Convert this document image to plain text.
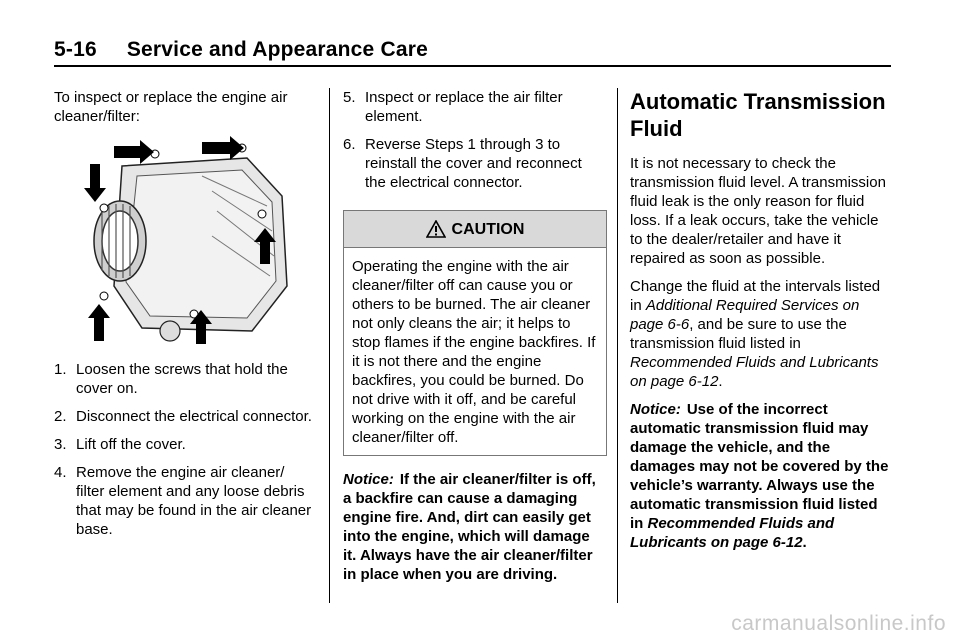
5-16 Service and Appearance Care

To inspect or replace the engine air cleaner/filter:

1. Loosen the screws that hold the cover on.
2. Disconnect the electrical connector.
3. Lift off the cover.
4. Remove the engine air cleaner/ filter element and any loose debris that may be found in the air cleaner base.
5. Inspect or replace the air filter element.
6. Reverse Steps 1 through 3 to reinstall the cover and reconnect the electrical connector.
CAUTION
Operating the engine with the air cleaner/filter off can cause you or others to be burned. The air cleaner not only cleans the air; it helps to stop flames if the engine backfires. If it is not there and the engine backfires, you could be burned. Do not drive with it off, and be careful working on the engine with the air cleaner/filter off.

Notice: If the air cleaner/filter is off, a backfire can cause a damaging engine fire. And, dirt can easily get into the engine, which will damage it. Always have the air cleaner/filter in place when you are driving.

Automatic Transmission Fluid

It is not necessary to check the transmission fluid level. A transmission fluid leak is the only reason for fluid loss. If a leak occurs, take the vehicle to the dealer/retailer and have it repaired as soon as possible.

Change the fluid at the intervals listed in Additional Required Services on page 6-6, and be sure to use the transmission fluid listed in Recommended Fluids and Lubricants on page 6-12.

Notice: Use of the incorrect automatic transmission fluid may damage the vehicle, and the damages may not be covered by the vehicle’s warranty. Always use the automatic transmission fluid listed in Recommended Fluids and Lubricants on page 6-12.

carmanualsonline.info
